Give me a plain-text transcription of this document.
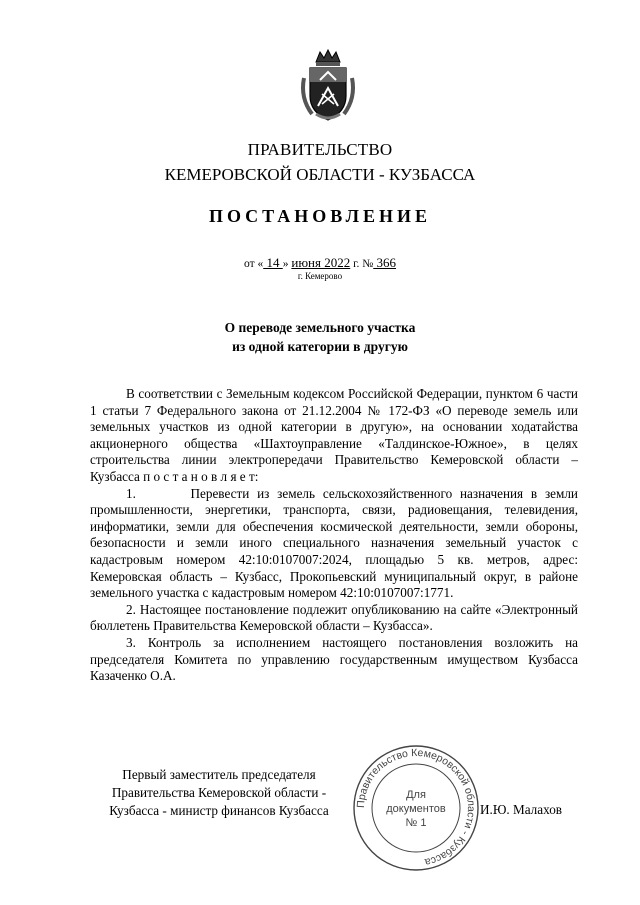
ПРАВИТЕЛЬСТВО
КЕМЕРОВСКОЙ ОБЛАСТИ - КУЗБАССА
ПОСТАНОВЛЕНИЕ
от « 14 » июня 2022 г. № 366
г. Кемерово
О переводе земельного участка
из одной категории в другую

В соответствии с Земельным кодексом Российской Федерации, пунктом 6 части 1 статьи 7 Федерального закона от 21.12.2004 № 172-ФЗ «О переводе земель или земельных участков из одной категории в другую», на основании ходатайства акционерного общества «Шахтоуправление «Талдинское-Южное», в целях строительства линии электропередачи Правительство Кемеровской области – Кузбасса п о с т а н о в л я е т:

1.       Перевести из земель сельскохозяйственного назначения в земли промышленности, энергетики, транспорта, связи, радиовещания, телевидения, информатики, земли для обеспечения космической деятельности, земли обороны, безопасности и земли иного специального назначения земельный участок с кадастровым номером 42:10:0107007:2024, площадью 5 кв. метров, адрес: Кемеровская область – Кузбасс, Прокопьевский муниципальный округ, в районе земельного участка с кадастровым номером 42:10:0107007:1771.

2. Настоящее постановление подлежит опубликованию на сайте «Электронный бюллетень Правительства Кемеровской области – Кузбасса».

3. Контроль за исполнением настоящего постановления возложить на председателя Комитета по управлению государственным имуществом Кузбасса Казаченко О.А.

Первый заместитель председателя
Правительства Кемеровской области -
Кузбасса - министр финансов Кузбасса	Правительство Кемеровской области - Кузбасса
Для
документов
№ 1
И.Ю. Малахов
